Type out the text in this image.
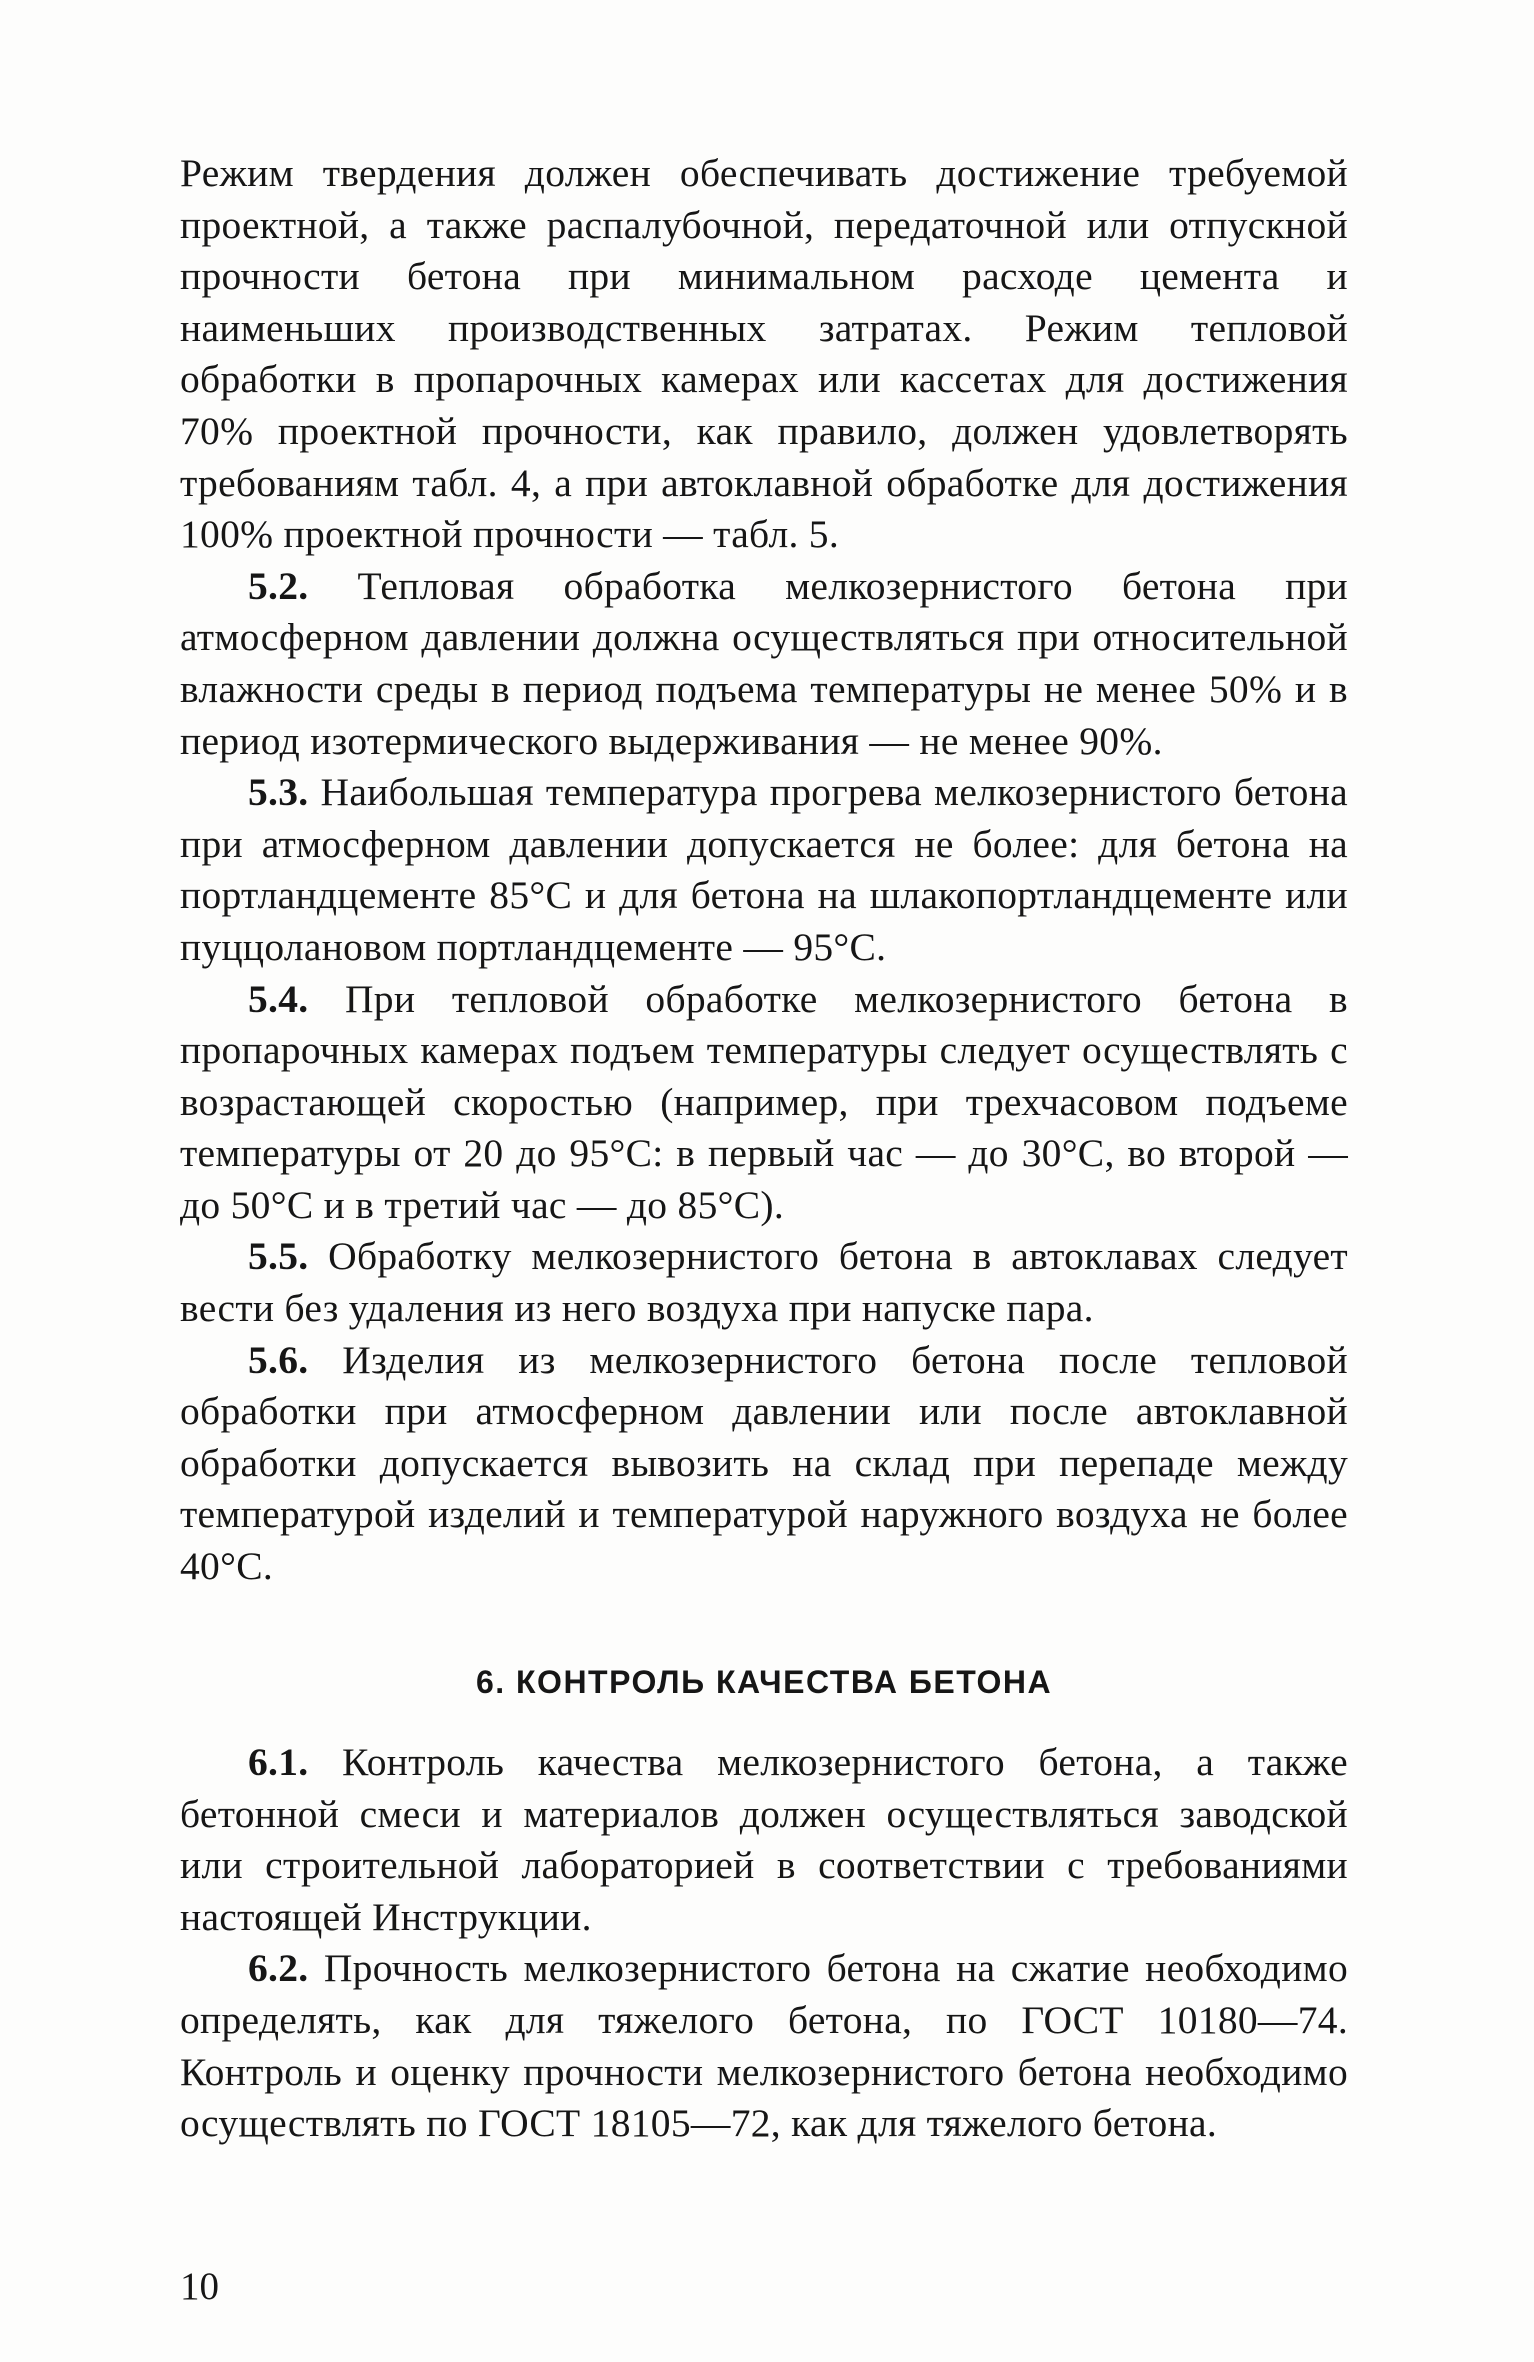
Режим твердения должен обеспечивать достижение требуемой проектной, а также распалубочной, передаточной или отпускной прочности бетона при минимальном расходе цемента и наименьших производственных затратах. Режим тепловой обработки в пропарочных камерах или кассетах для достижения 70% проектной прочности, как правило, должен удовлетворять требованиям табл. 4, а при автоклавной обработке для достижения 100% проектной прочности — табл. 5.

5.2. Тепловая обработка мелкозернистого бетона при атмосферном давлении должна осуществляться при относительной влажности среды в период подъема температуры не менее 50% и в период изотермического выдерживания — не менее 90%.

5.3. Наибольшая температура прогрева мелкозернистого бетона при атмосферном давлении допускается не более: для бетона на портландцементе 85°С и для бетона на шлакопортландцементе или пуццолановом портландцементе — 95°С.

5.4. При тепловой обработке мелкозернистого бетона в пропарочных камерах подъем температуры следует осуществлять с возрастающей скоростью (например, при трехчасовом подъеме температуры от 20 до 95°С: в первый час — до 30°С, во второй — до 50°С и в третий час — до 85°С).

5.5. Обработку мелкозернистого бетона в автоклавах следует вести без удаления из него воздуха при напуске пара.

5.6. Изделия из мелкозернистого бетона после тепловой обработки при атмосферном давлении или после автоклавной обработки допускается вывозить на склад при перепаде между температурой изделий и температурой наружного воздуха не более 40°С.

6. КОНТРОЛЬ КАЧЕСТВА БЕТОНА

6.1. Контроль качества мелкозернистого бетона, а также бетонной смеси и материалов должен осуществляться заводской или строительной лабораторией в соответствии с требованиями настоящей Инструкции.

6.2. Прочность мелкозернистого бетона на сжатие необходимо определять, как для тяжелого бетона, по ГОСТ 10180—74. Контроль и оценку прочности мелкозернистого бетона необходимо осуществлять по ГОСТ 18105—72, как для тяжелого бетона.

10
